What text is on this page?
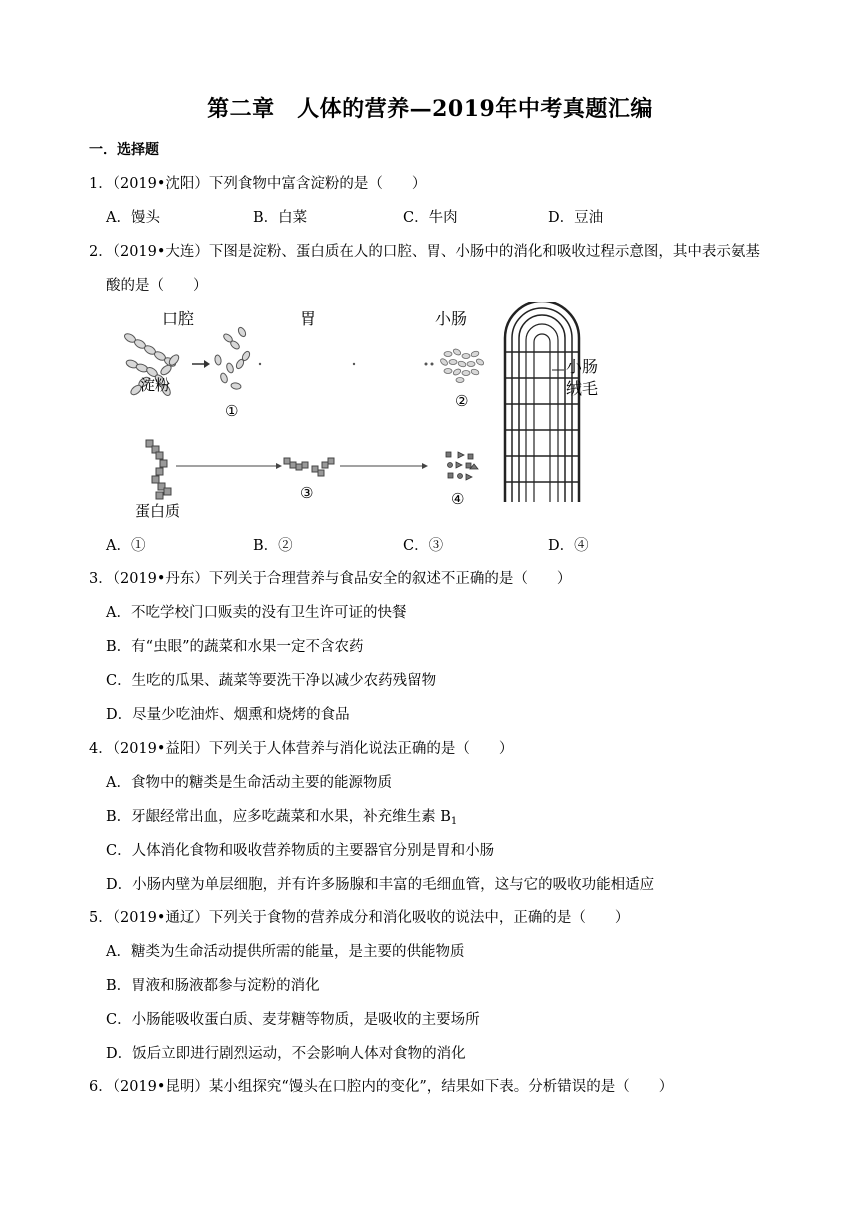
第二章　人体的营养—2019年中考真题汇编
一．选择题
1．（2019•沈阳）下列食物中富含淀粉的是（　　）
A．馒头	B．白菜	C．牛肉	D．豆油
2．（2019•大连）下图是淀粉、蛋白质在人的口腔、胃、小肠中的消化和吸收过程示意图，其中表示氨基
酸的是（　　）
口腔	胃	小肠
淀粉
①
②
蛋白质
③	④
小肠
绒毛
A．①	B．②	C．③	D．④
3．（2019•丹东）下列关于合理营养与食品安全的叙述不正确的是（　　）
A．不吃学校门口贩卖的没有卫生许可证的快餐
B．有“虫眼”的蔬菜和水果一定不含农药
C．生吃的瓜果、蔬菜等要洗干净以减少农药残留物
D．尽量少吃油炸、烟熏和烧烤的食品
4．（2019•益阳）下列关于人体营养与消化说法正确的是（　　）
A．食物中的糖类是生命活动主要的能源物质
B．牙龈经常出血，应多吃蔬菜和水果，补充维生素 $B_1$
C．人体消化食物和吸收营养物质的主要器官分别是胃和小肠
D．小肠内壁为单层细胞，并有许多肠腺和丰富的毛细血管，这与它的吸收功能相适应
5．（2019•通辽）下列关于食物的营养成分和消化吸收的说法中，正确的是（　　）
A．糖类为生命活动提供所需的能量，是主要的供能物质
B．胃液和肠液都参与淀粉的消化
C．小肠能吸收蛋白质、麦芽糖等物质，是吸收的主要场所
D．饭后立即进行剧烈运动，不会影响人体对食物的消化
6．（2019•昆明）某小组探究“馒头在口腔内的变化”，结果如下表。分析错误的是（　　）
